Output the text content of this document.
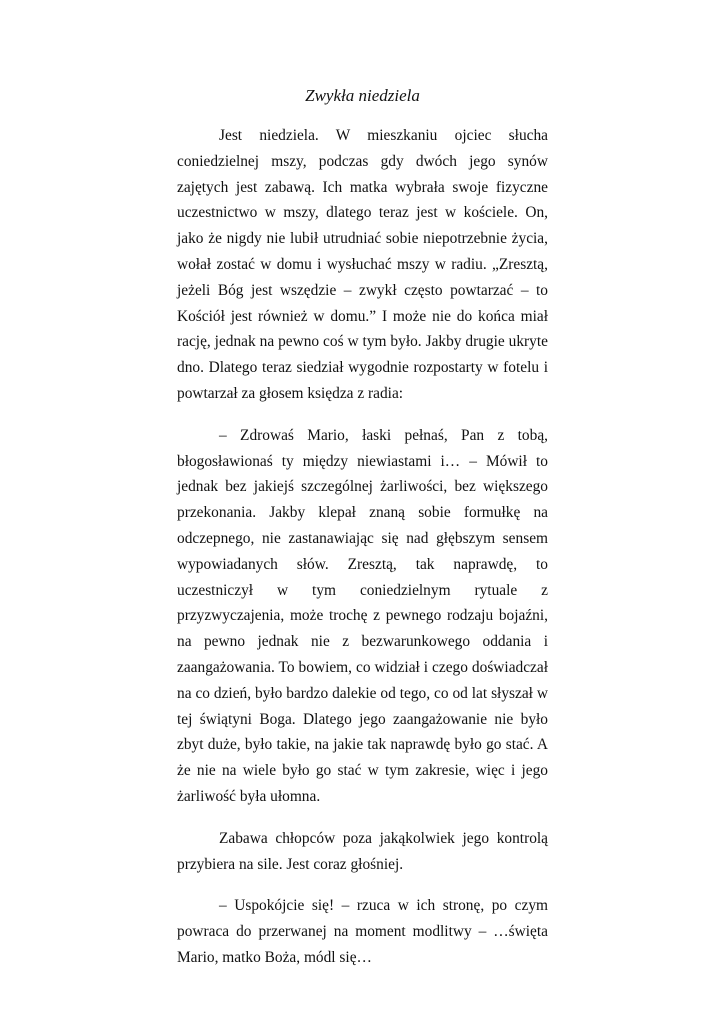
Zwykła niedziela

Jest niedziela. W mieszkaniu ojciec słucha coniedzielnej mszy, podczas gdy dwóch jego synów zajętych jest zabawą. Ich matka wybrała swoje fizyczne uczestnictwo w mszy, dlatego teraz jest w kościele. On, jako że nigdy nie lubił utrudniać sobie niepotrzebnie życia, wołał zostać w domu i wysłuchać mszy w radiu. „Zresztą, jeżeli Bóg jest wszędzie – zwykł często powtarzać – to Kościół jest również w domu.” I może nie do końca miał rację, jednak na pewno coś w tym było. Jakby drugie ukryte dno. Dlatego teraz siedział wygodnie rozpostarty w fotelu i powtarzał za głosem księdza z radia:

– Zdrowaś Mario, łaski pełnaś, Pan z tobą, błogosławionaś ty między niewiastami i… – Mówił to jednak bez jakiejś szczególnej żarliwości, bez większego przekonania. Jakby klepał znaną sobie formułkę na odczepnego, nie zastanawiając się nad głębszym sensem wypowiadanych słów. Zresztą, tak naprawdę, to uczestniczył w tym coniedzielnym rytuale z przyzwyczajenia, może trochę z pewnego rodzaju bojaźni, na pewno jednak nie z bezwarunkowego oddania i zaangażowania. To bowiem, co widział i czego doświadczał na co dzień, było bardzo dalekie od tego, co od lat słyszał w tej świątyni Boga. Dlatego jego zaangażowanie nie było zbyt duże, było takie, na jakie tak naprawdę było go stać. A że nie na wiele było go stać w tym zakresie, więc i jego żarliwość była ułomna.

Zabawa chłopców poza jakąkolwiek jego kontrolą przybiera na sile. Jest coraz głośniej.

– Uspokójcie się! – rzuca w ich stronę, po czym powraca do przerwanej na moment modlitwy – …święta Mario, matko Boża, módl się…
